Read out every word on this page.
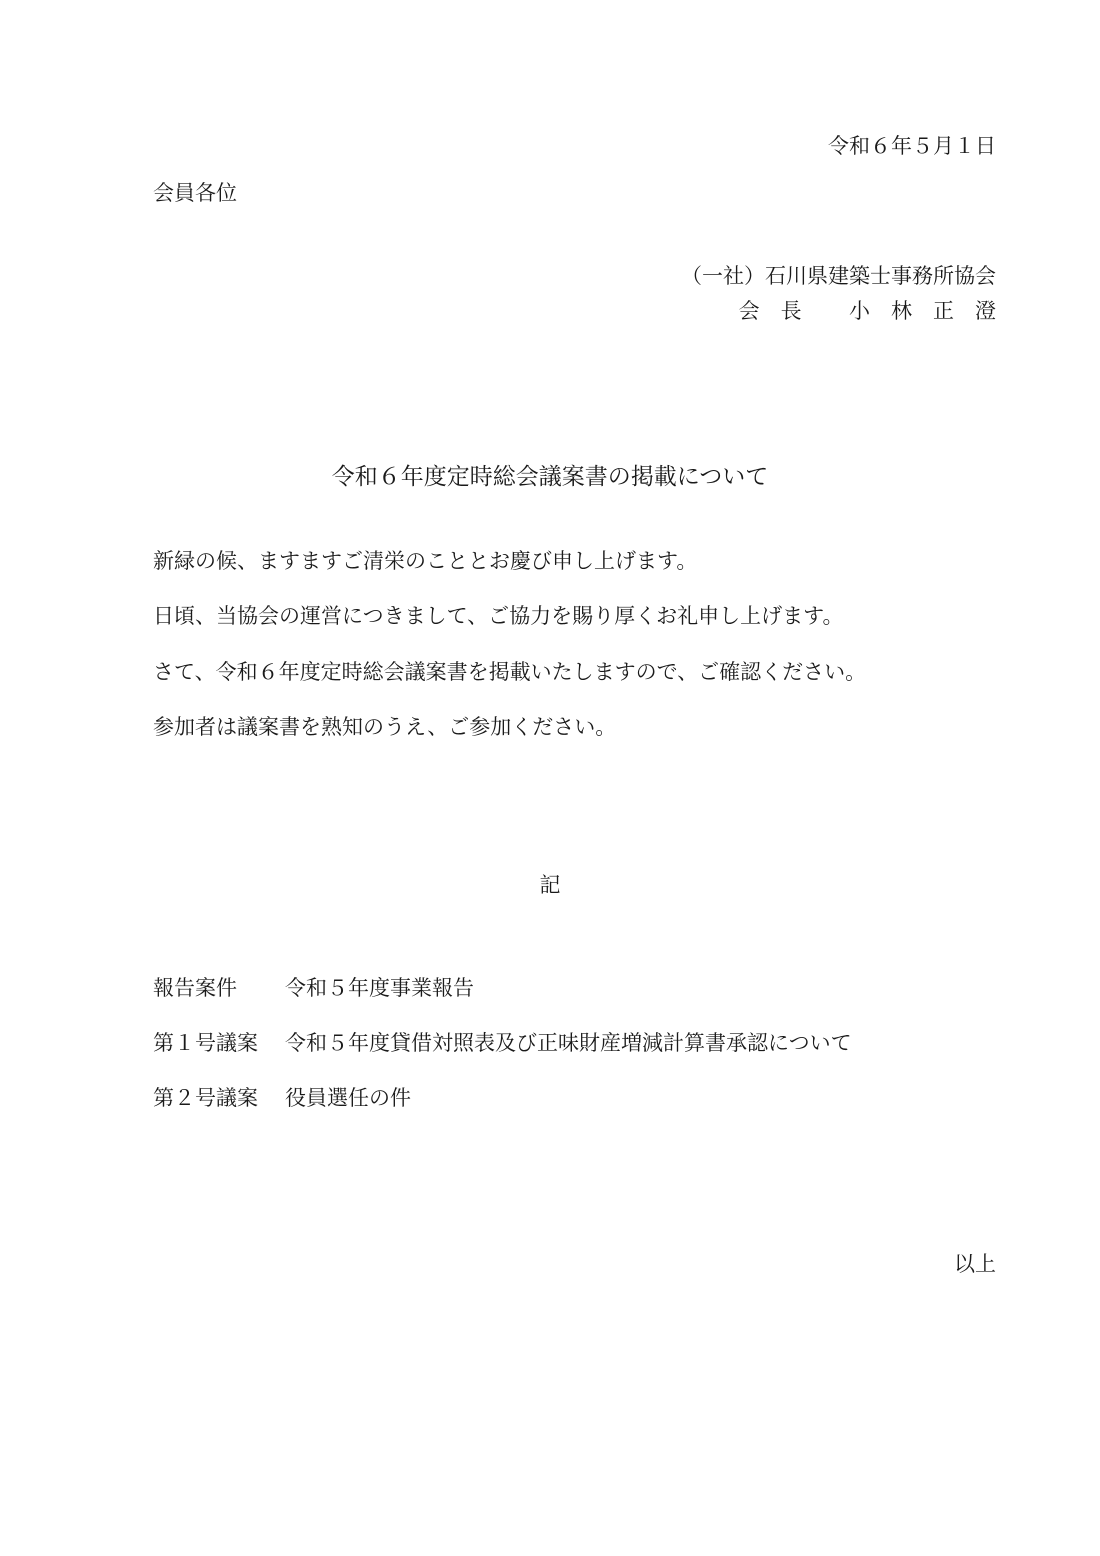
令和６年５月１日
会員各位
（一社）石川県建築士事務所協会
会　長 小　林　正　澄
令和６年度定時総会議案書の掲載について
新緑の候、ますますご清栄のこととお慶び申し上げます。
日頃、当協会の運営につきまして、ご協力を賜り厚くお礼申し上げます。
さて、令和６年度定時総会議案書を掲載いたしますので、ご確認ください。
参加者は議案書を熟知のうえ、ご参加ください。
記
報告案件 令和５年度事業報告
第１号議案 令和５年度貸借対照表及び正味財産増減計算書承認について
第２号議案 役員選任の件
以上
